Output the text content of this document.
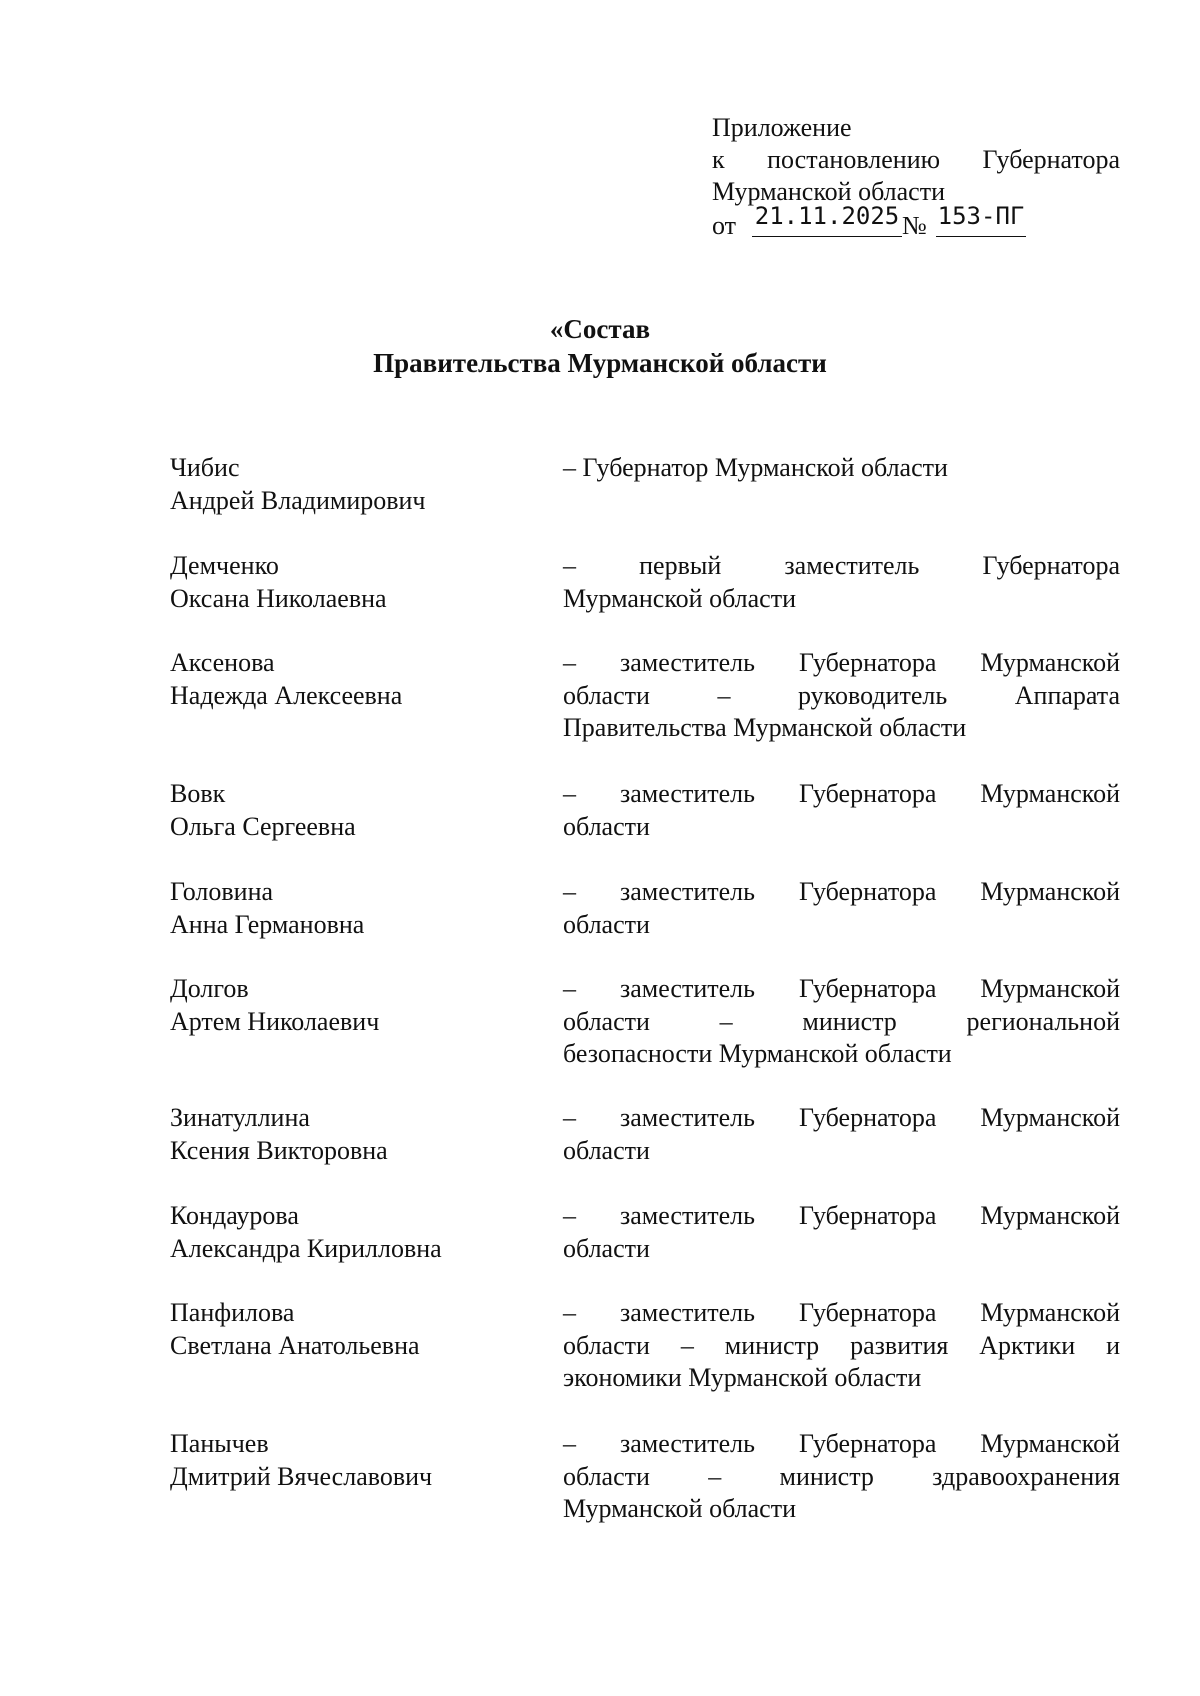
Приложение
к постановлению Губернатора
Мурманской области
от 21.11.2025 № 153-ПГ
«Состав
Правительства Мурманской области
Чибис
Андрей Владимирович
– Губернатор Мурманской области
Демченко
Оксана Николаевна
– первый заместитель Губернатора
Мурманской области
Аксенова
Надежда Алексеевна
– заместитель Губернатора Мурманской
области – руководитель Аппарата
Правительства Мурманской области
Вовк
Ольга Сергеевна
– заместитель Губернатора Мурманской
области
Головина
Анна Германовна
– заместитель Губернатора Мурманской
области
Долгов
Артем Николаевич
– заместитель Губернатора Мурманской
области – министр региональной
безопасности Мурманской области
Зинатуллина
Ксения Викторовна
– заместитель Губернатора Мурманской
области
Кондаурова
Александра Кирилловна
– заместитель Губернатора Мурманской
области
Панфилова
Светлана Анатольевна
– заместитель Губернатора Мурманской
области – министр развития Арктики и
экономики Мурманской области
Панычев
Дмитрий Вячеславович
– заместитель Губернатора Мурманской
области – министр здравоохранения
Мурманской области
